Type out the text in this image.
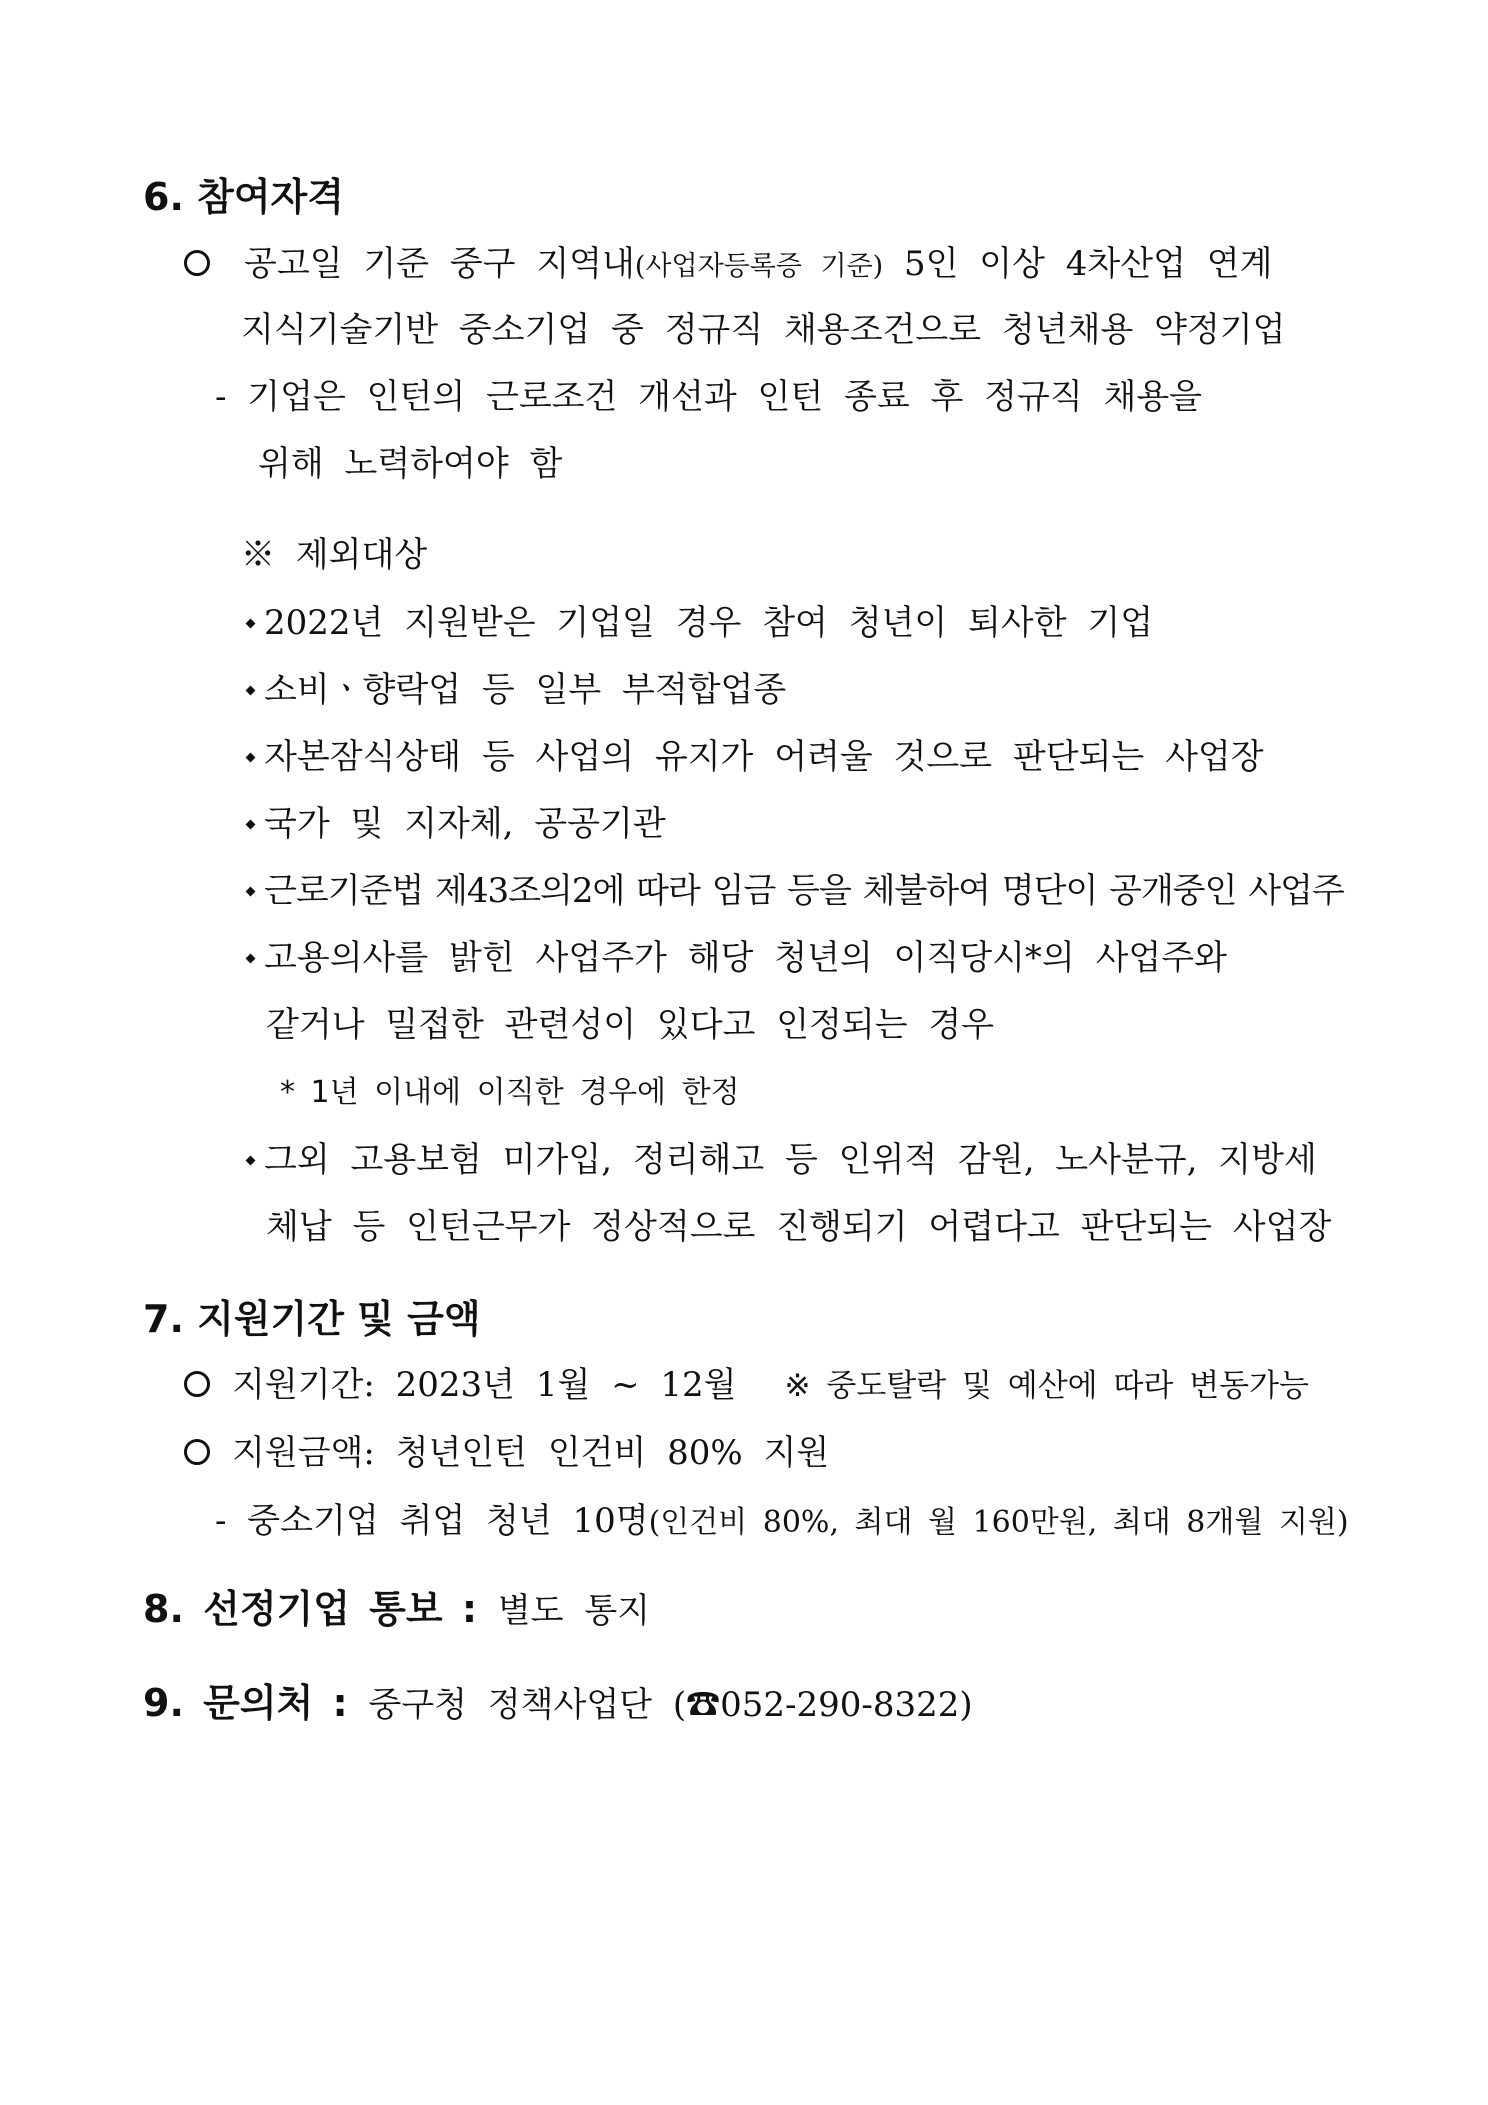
6. 참여자격
공고일 기준 중구 지역내(사업자등록증 기준) 5인 이상 4차산업 연계
지식기술기반 중소기업 중 정규직 채용조건으로 청년채용 약정기업
- 기업은 인턴의 근로조건 개선과 인턴 종료 후 정규직 채용을
위해 노력하여야 함
※ 제외대상
2022년 지원받은 기업일 경우 참여 청년이 퇴사한 기업
소비ㆍ향락업 등 일부 부적합업종
자본잠식상태 등 사업의 유지가 어려울 것으로 판단되는 사업장
국가 및 지자체, 공공기관
근로기준법 제43조의2에 따라 임금 등을 체불하여 명단이 공개중인 사업주
고용의사를 밝힌 사업주가 해당 청년의 이직당시*의 사업주와
같거나 밀접한 관련성이 있다고 인정되는 경우
* 1년 이내에 이직한 경우에 한정
그외 고용보험 미가입, 정리해고 등 인위적 감원, 노사분규, 지방세
체납 등 인턴근무가 정상적으로 진행되기 어렵다고 판단되는 사업장
7. 지원기간 및 금액
지원기간: 2023년 1월 ~ 12월 ※ 중도탈락 및 예산에 따라 변동가능
지원금액: 청년인턴 인건비 80% 지원
- 중소기업 취업 청년 10명(인건비 80%, 최대 월 160만원, 최대 8개월 지원)
8. 선정기업 통보 : 별도 통지
9. 문의처 : 중구청 정책사업단 (☎052-290-8322)
